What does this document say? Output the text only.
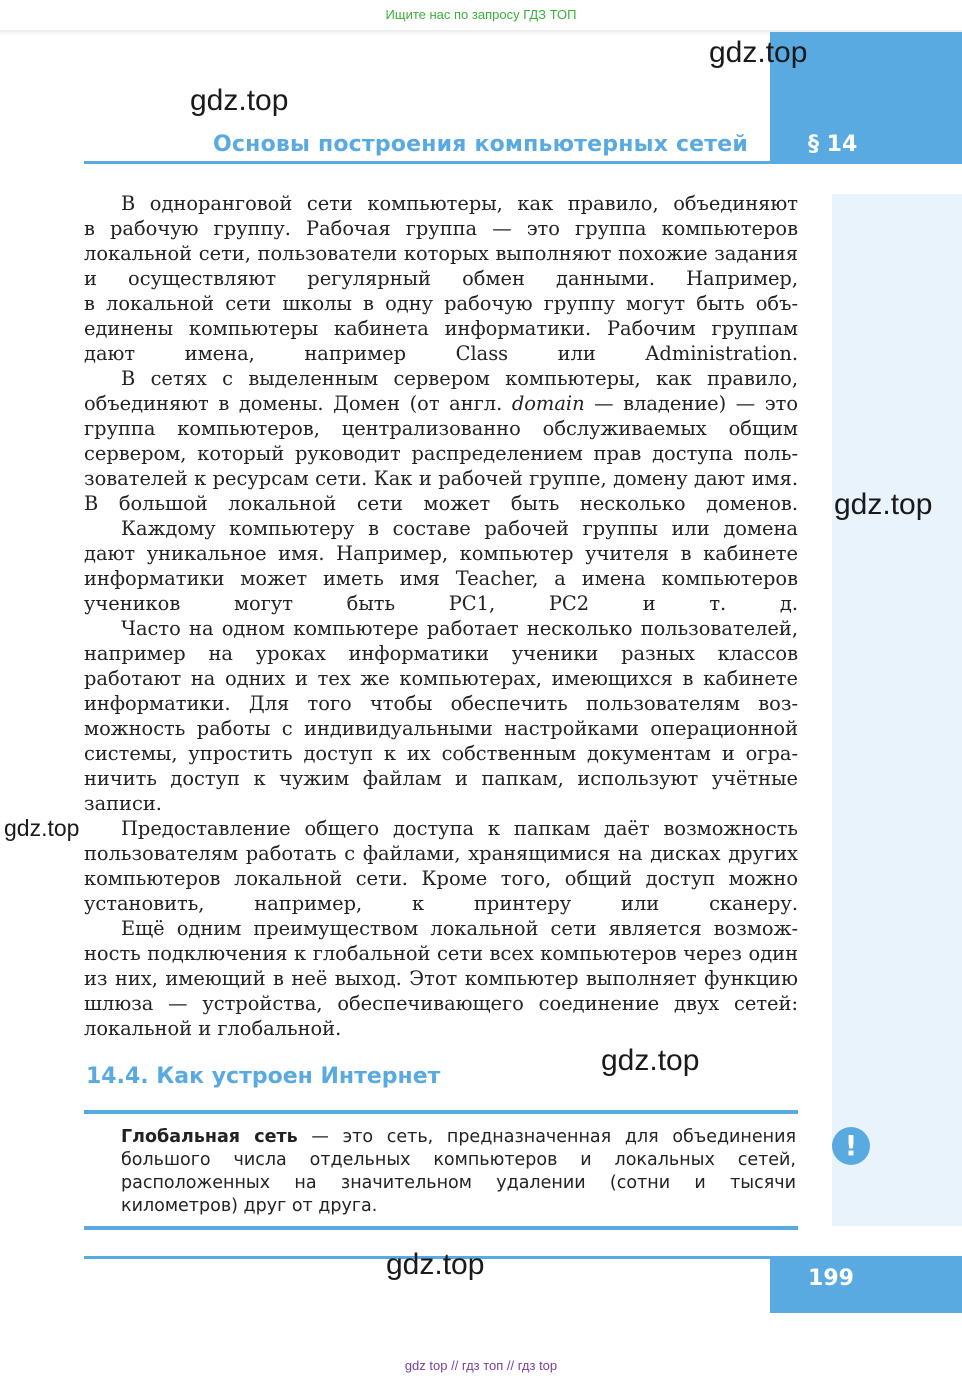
Ищите нас по запросу ГДЗ ТОП
§ 14
Основы построения компьютерных сетей

В одноранговой сети компьютеры, как правило, объединяют в рабочую группу. Рабочая группа — это группа компьютеров локальной сети, пользователи которых выполняют похожие задания и осуществляют регулярный обмен данными. Например, в локальной сети школы в одну рабочую группу могут быть объединены компьютеры кабинета информатики. Рабочим группам дают имена, например Class или Administration.

В сетях с выделенным сервером компьютеры, как правило, объединяют в домены. Домен (от англ. domain — владение) — это группа компьютеров, централизованно обслуживаемых общим сервером, который руководит распределением прав доступа пользователей к ресурсам сети. Как и рабочей группе, домену дают имя. В большой локальной сети может быть несколько доменов.

Каждому компьютеру в составе рабочей группы или домена дают уникальное имя. Например, компьютер учителя в кабинете информатики может иметь имя Teacher, а имена компьютеров учеников могут быть PC1, PC2 и т. д.

Часто на одном компьютере работает несколько пользователей, например на уроках информатики ученики разных классов работают на одних и тех же компьютерах, имеющихся в кабинете информатики. Для того чтобы обеспечить пользователям возможность работы с индивидуальными настройками операционной системы, упростить доступ к их собственным документам и ограничить доступ к чужим файлам и папкам, используют учётные записи.

Предоставление общего доступа к папкам даёт возможность пользователям работать с файлами, хранящимися на дисках других компьютеров локальной сети. Кроме того, общий доступ можно установить, например, к принтеру или сканеру.

Ещё одним преимуществом локальной сети является возможность подключения к глобальной сети всех компьютеров через один из них, имеющий в неё выход. Этот компьютер выполняет функцию шлюза — устройства, обеспечивающего соединение двух сетей: локальной и глобальной.

14.4. Как устроен Интернет

Глобальная сеть — это сеть, предназначенная для объединения большого числа отдельных компьютеров и локальных сетей, расположенных на значительном удалении (сотни и тысячи километров) друг от друга.

!
199
gdz.top
gdz.top
gdz.top
gdz.top
gdz.top
gdz.top
gdz top // гдз топ // гдз top
